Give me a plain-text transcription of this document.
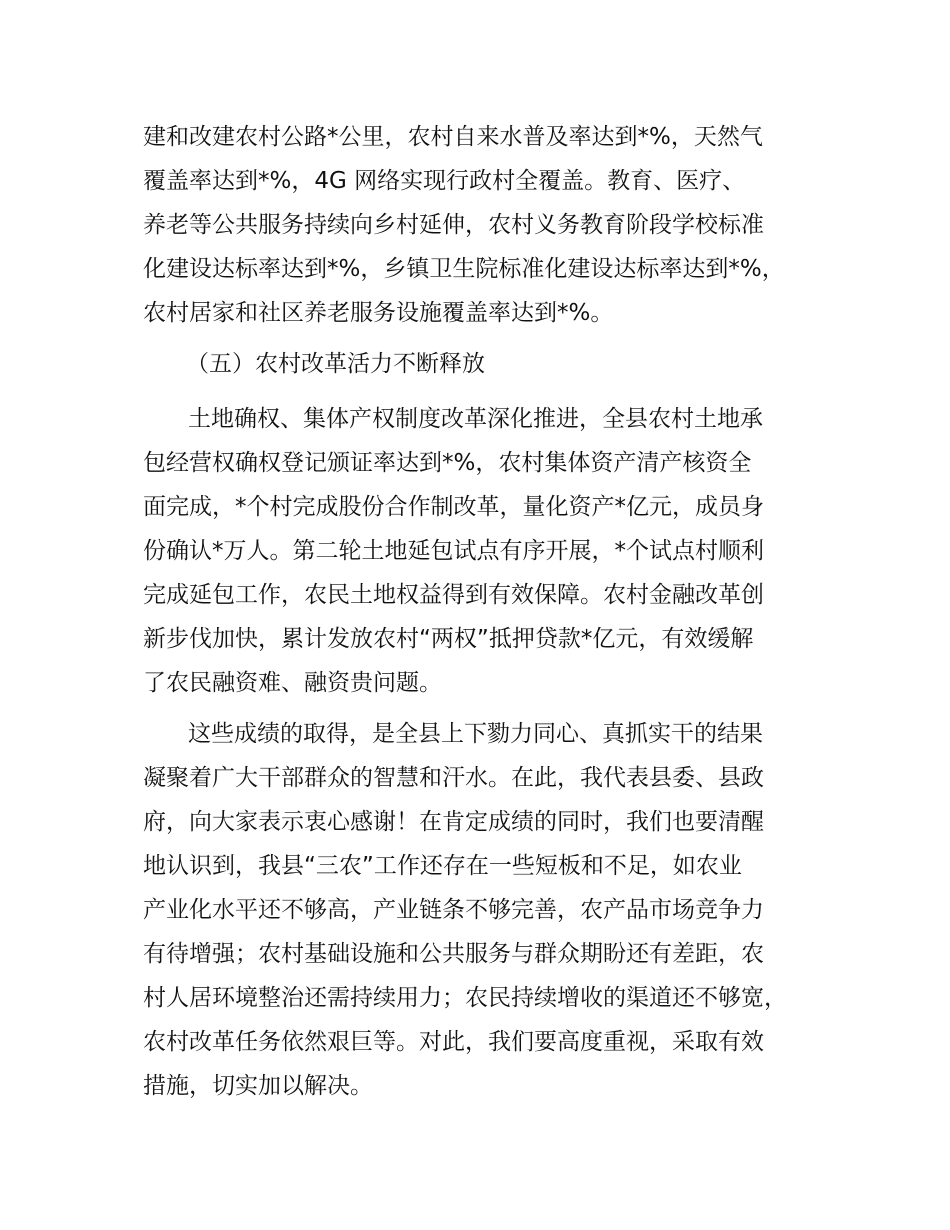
建和改建农村公路*公里，农村自来水普及率达到*%，天然气
覆盖率达到*%，4G 网络实现行政村全覆盖。教育、医疗、
养老等公共服务持续向乡村延伸，农村义务教育阶段学校标准
化建设达标率达到*%，乡镇卫生院标准化建设达标率达到*%，
农村居家和社区养老服务设施覆盖率达到*%。
（五）农村改革活力不断释放
土地确权、集体产权制度改革深化推进，全县农村土地承
包经营权确权登记颁证率达到*%，农村集体资产清产核资全
面完成，*个村完成股份合作制改革，量化资产*亿元，成员身
份确认*万人。第二轮土地延包试点有序开展，*个试点村顺利
完成延包工作，农民土地权益得到有效保障。农村金融改革创
新步伐加快，累计发放农村“两权”抵押贷款*亿元，有效缓解
了农民融资难、融资贵问题。
这些成绩的取得，是全县上下勠力同心、真抓实干的结果
凝聚着广大干部群众的智慧和汗水。在此，我代表县委、县政
府，向大家表示衷心感谢！在肯定成绩的同时，我们也要清醒
地认识到，我县“三农”工作还存在一些短板和不足，如农业
产业化水平还不够高，产业链条不够完善，农产品市场竞争力
有待增强；农村基础设施和公共服务与群众期盼还有差距，农
村人居环境整治还需持续用力；农民持续增收的渠道还不够宽，
农村改革任务依然艰巨等。对此，我们要高度重视，采取有效
措施，切实加以解决。
